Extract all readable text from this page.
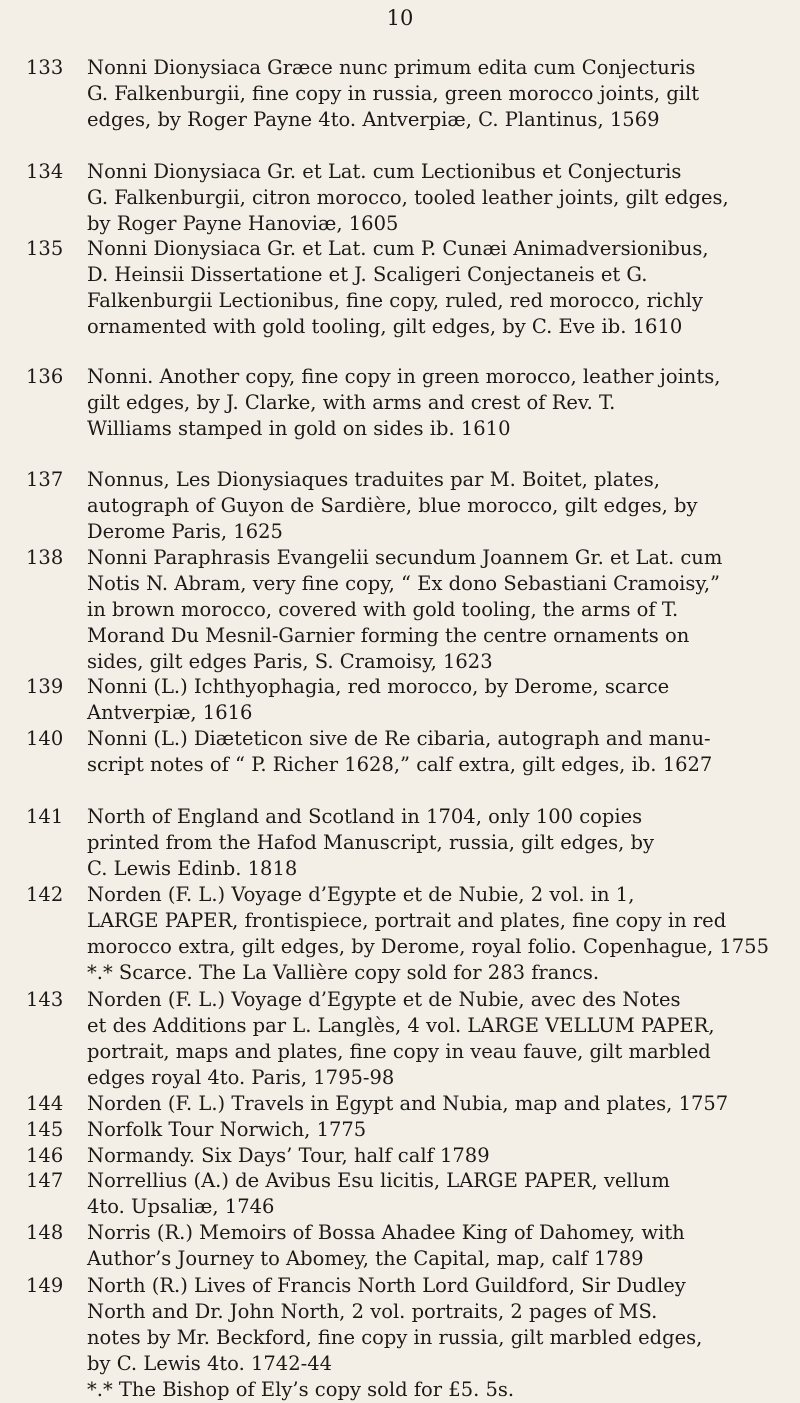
10
133	Nonni Dionysiaca Græce nunc primum edita cum Conjecturis

G. Falkenburgii, fine copy in russia, green morocco joints, gilt

edges, by Roger Payne 4to. Antverpiæ, C. Plantinus, 1569

134	Nonni Dionysiaca Gr. et Lat. cum Lectionibus et Conjecturis

G. Falkenburgii, citron morocco, tooled leather joints, gilt edges,

by Roger Payne Hanoviæ, 1605

135	Nonni Dionysiaca Gr. et Lat. cum P. Cunæi Animadversionibus,

D. Heinsii Dissertatione et J. Scaligeri Conjectaneis et G.

Falkenburgii Lectionibus, fine copy, ruled, red morocco, richly

ornamented with gold tooling, gilt edges, by C. Eve ib. 1610

136	Nonni. Another copy, fine copy in green morocco, leather joints,

gilt edges, by J. Clarke, with arms and crest of Rev. T.

Williams stamped in gold on sides ib. 1610

137	Nonnus, Les Dionysiaques traduites par M. Boitet, plates,

autograph of Guyon de Sardière, blue morocco, gilt edges, by

Derome Paris, 1625

138	Nonni Paraphrasis Evangelii secundum Joannem Gr. et Lat. cum

Notis N. Abram, very fine copy, “ Ex dono Sebastiani Cramoisy,”

in brown morocco, covered with gold tooling, the arms of T.

Morand Du Mesnil-Garnier forming the centre ornaments on

sides, gilt edges Paris, S. Cramoisy, 1623

139	Nonni (L.) Ichthyophagia, red morocco, by Derome, scarce

Antverpiæ, 1616

140	Nonni (L.) Diæteticon sive de Re cibaria, autograph and manu-

script notes of “ P. Richer 1628,” calf extra, gilt edges, ib. 1627

141	North of England and Scotland in 1704, only 100 copies

printed from the Hafod Manuscript, russia, gilt edges, by

C. Lewis Edinb. 1818

142	Norden (F. L.) Voyage d’Egypte et de Nubie, 2 vol. in 1,

LARGE PAPER, frontispiece, portrait and plates, fine copy in red

morocco extra, gilt edges, by Derome, royal folio. Copenhague, 1755

*.* Scarce. The La Vallière copy sold for 283 francs.

143	Norden (F. L.) Voyage d’Egypte et de Nubie, avec des Notes

et des Additions par L. Langlès, 4 vol. LARGE VELLUM PAPER,

portrait, maps and plates, fine copy in veau fauve, gilt marbled

edges royal 4to. Paris, 1795-98

144	Norden (F. L.) Travels in Egypt and Nubia, map and plates, 1757

145	Norfolk Tour Norwich, 1775

146	Normandy. Six Days’ Tour, half calf 1789

147	Norrellius (A.) de Avibus Esu licitis, LARGE PAPER, vellum

4to. Upsaliæ, 1746

148	Norris (R.) Memoirs of Bossa Ahadee King of Dahomey, with

Author’s Journey to Abomey, the Capital, map, calf 1789

149	North (R.) Lives of Francis North Lord Guildford, Sir Dudley

North and Dr. John North, 2 vol. portraits, 2 pages of MS.

notes by Mr. Beckford, fine copy in russia, gilt marbled edges,

by C. Lewis 4to. 1742-44

*.* The Bishop of Ely’s copy sold for £5. 5s.
